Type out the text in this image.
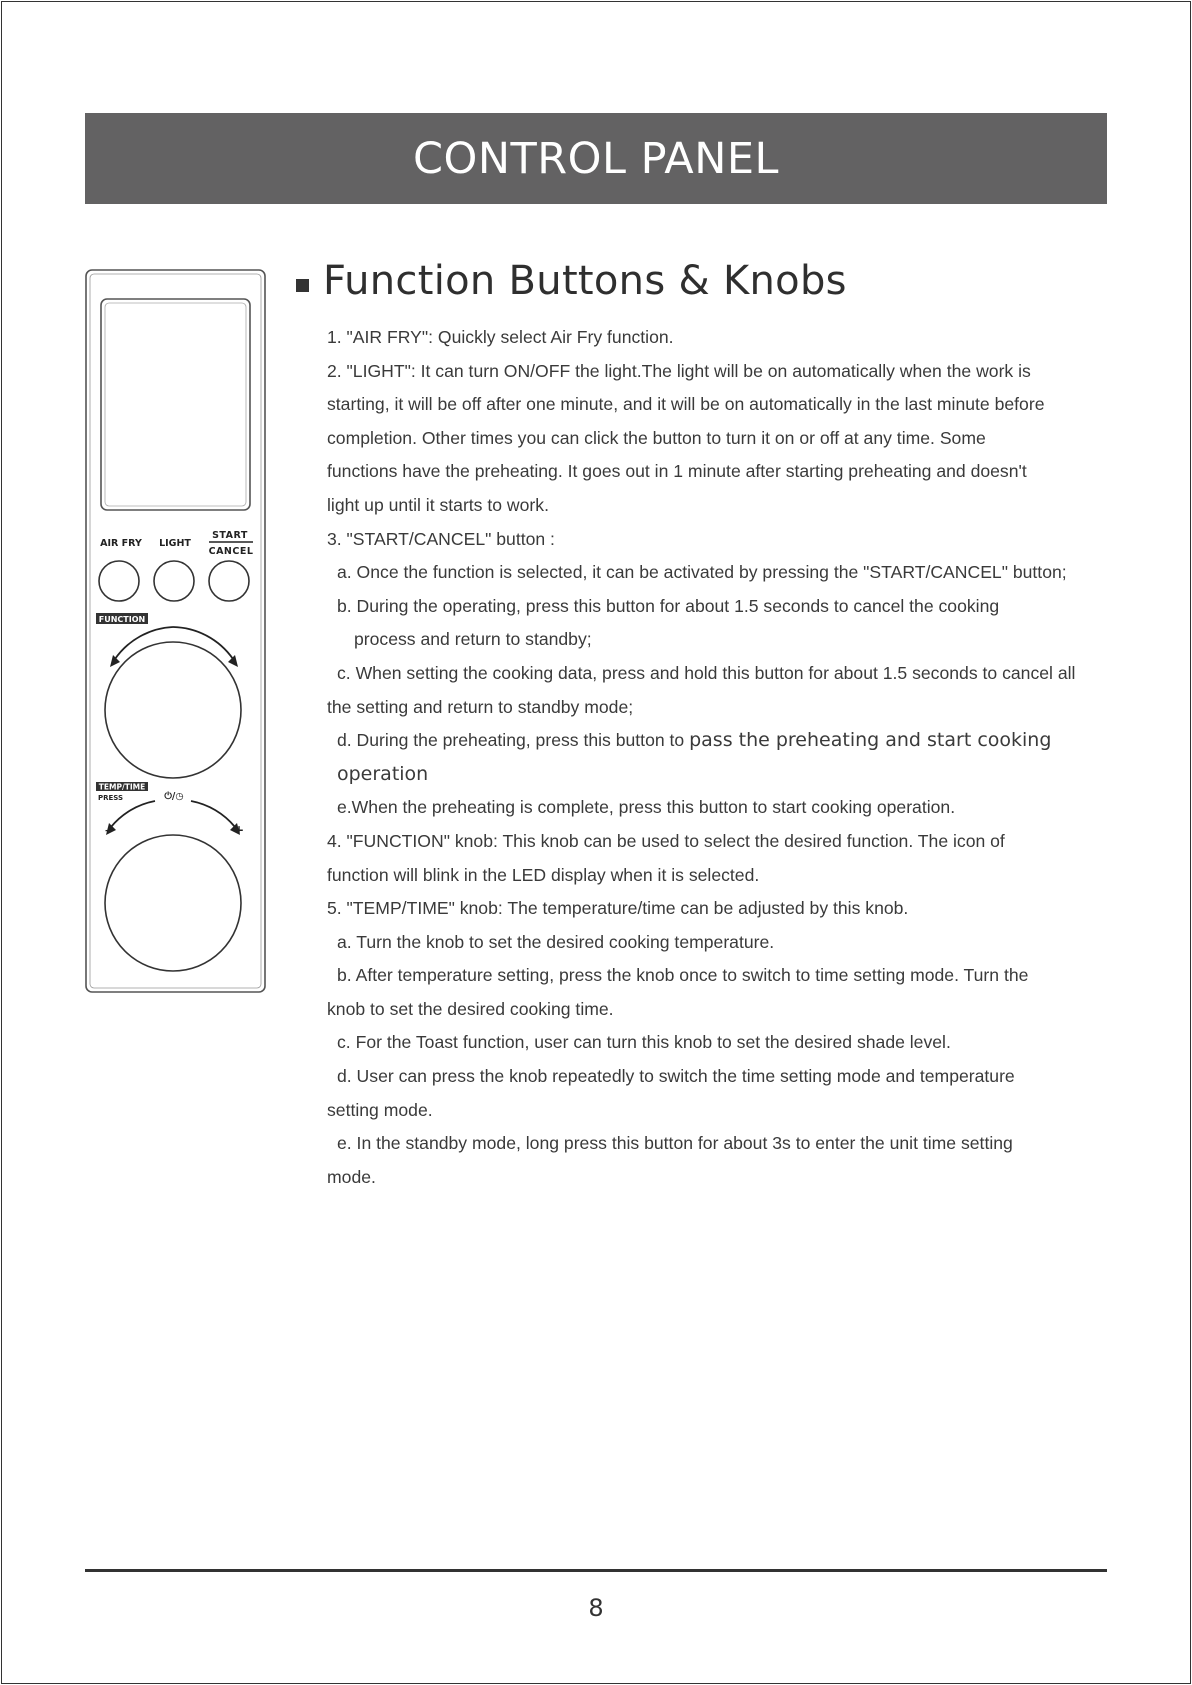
CONTROL PANEL
AIR FRY LIGHT
START
CANCEL
FUNCTION
TEMP/TIME
PRESS	⏻/◷
−	+
Function Buttons & Knobs
1. "AIR FRY": Quickly select Air Fry function.
2. "LIGHT": It can turn ON/OFF the light.The light will be on automatically when the work is
starting, it will be off after one minute, and it will be on automatically in the last minute before
completion. Other times you can click the button to turn it on or off at any time. Some
functions have the preheating. It goes out in 1 minute after starting preheating and doesn't
light up until it starts to work.
3. "START/CANCEL" button :
a. Once the function is selected, it can be activated by pressing the "START/CANCEL" button;
b. During the operating, press this button for about 1.5 seconds to cancel the cooking
process and return to standby;
c. When setting the cooking data, press and hold this button for about 1.5 seconds to cancel all
the setting and return to standby mode;
d. During the preheating, press this button to pass the preheating and start cooking
operation
e.When the preheating is complete, press this button to start cooking operation.
4. "FUNCTION" knob: This knob can be used to select the desired function. The icon of
function will blink in the LED display when it is selected.
5. "TEMP/TIME" knob: The temperature/time can be adjusted by this knob.
a. Turn the knob to set the desired cooking temperature.
b. After temperature setting, press the knob once to switch to time setting mode. Turn the
knob to set the desired cooking time.
c. For the Toast function, user can turn this knob to set the desired shade level.
d. User can press the knob repeatedly to switch the time setting mode and temperature
setting mode.
e. In the standby mode, long press this button for about 3s to enter the unit time setting
mode.
8
